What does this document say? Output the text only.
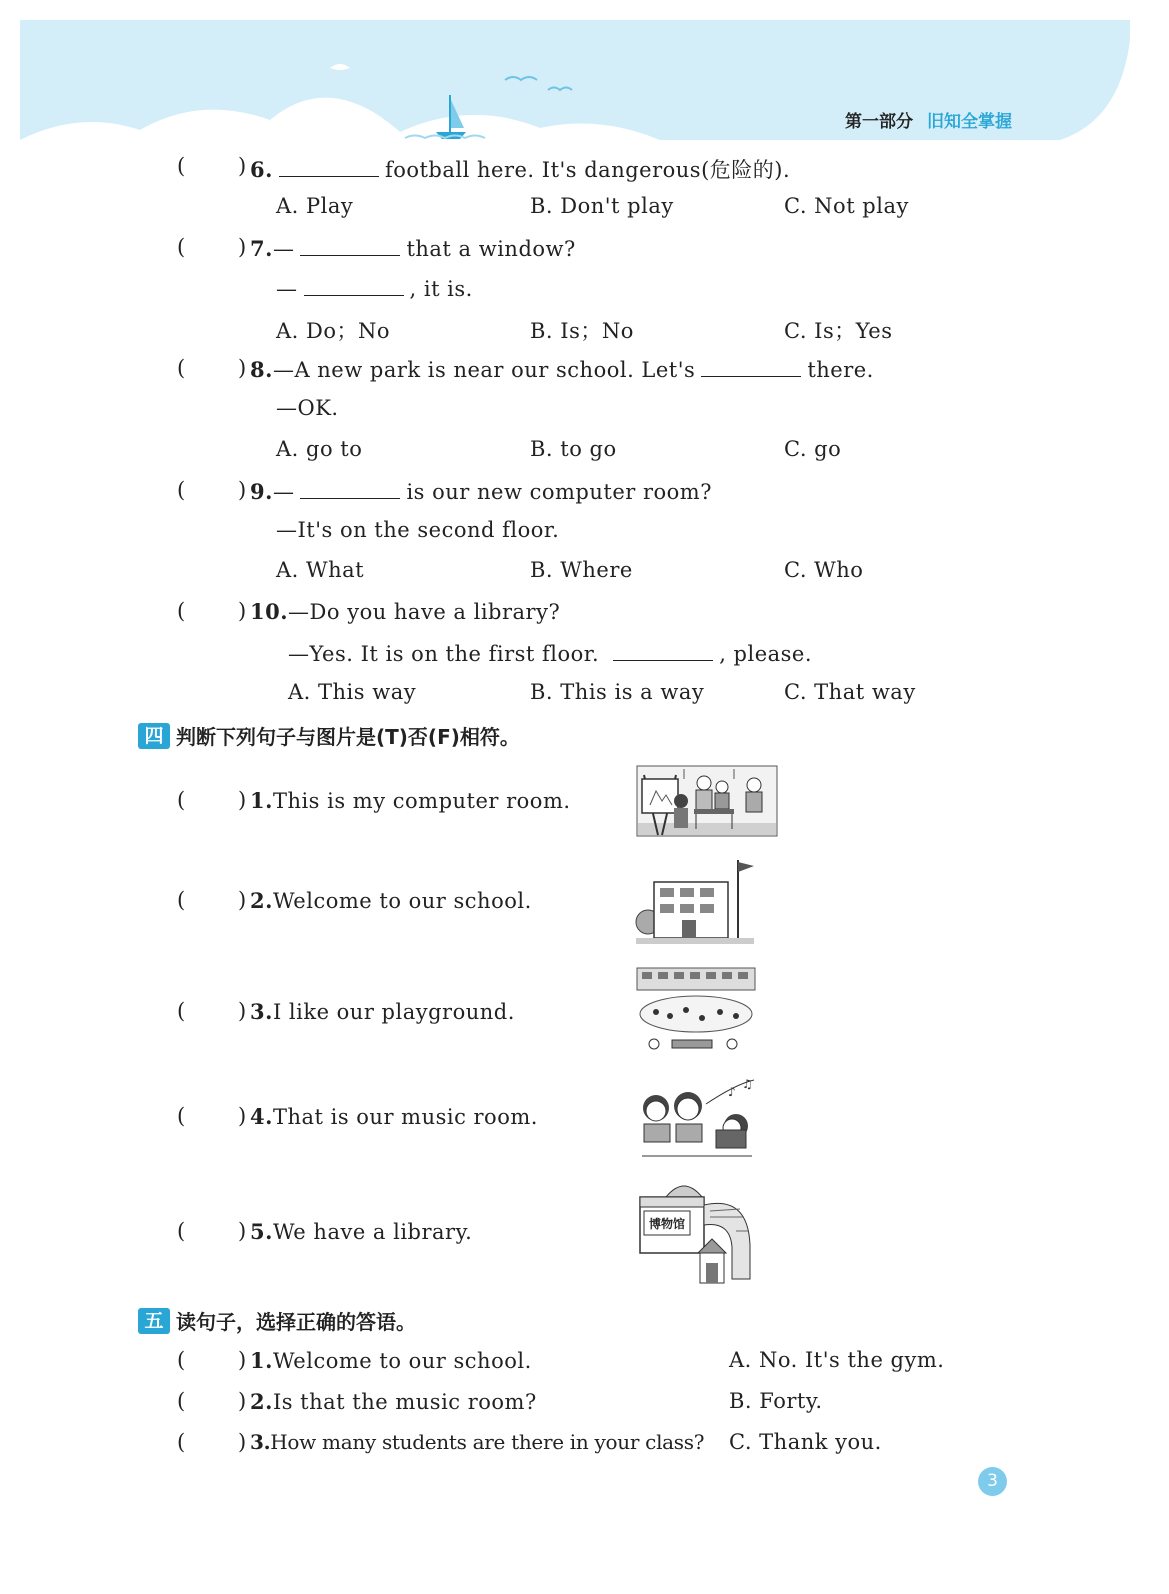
第一部分 旧知全掌握
(	) 6.	football here. It's dangerous(危险的).
A. Play	B. Don't play	C. Not play
(	) 7.—	that a window?
—	, it is.
A. Do；No	B. Is；No	C. Is；Yes
(	) 8.—A new park is near our school. Let's	there.
—OK.
A. go to	B. to go	C. go
(	) 9.—	is our new computer room?
—It's on the second floor.
A. What	B. Where	C. Who
(	) 10.—Do you have a library?
—Yes. It is on the first floor.	, please.
A. This way	B. This is a way	C. That way
四 判断下列句子与图片是(T)否(F)相符。
(	) 1.This is my computer room.
(	) 2.Welcome to our school.
(	) 3.I like our playground.
(	) 4.That is our music room.
♪
♫
(	) 5.We have a library.	博物馆
五 读句子，选择正确的答语。
(	) 1.Welcome to our school.	A. No. It's the gym.
(	) 2.Is that the music room?	B. Forty.
(	) 3.How many students are there in your class? C. Thank you.
3
